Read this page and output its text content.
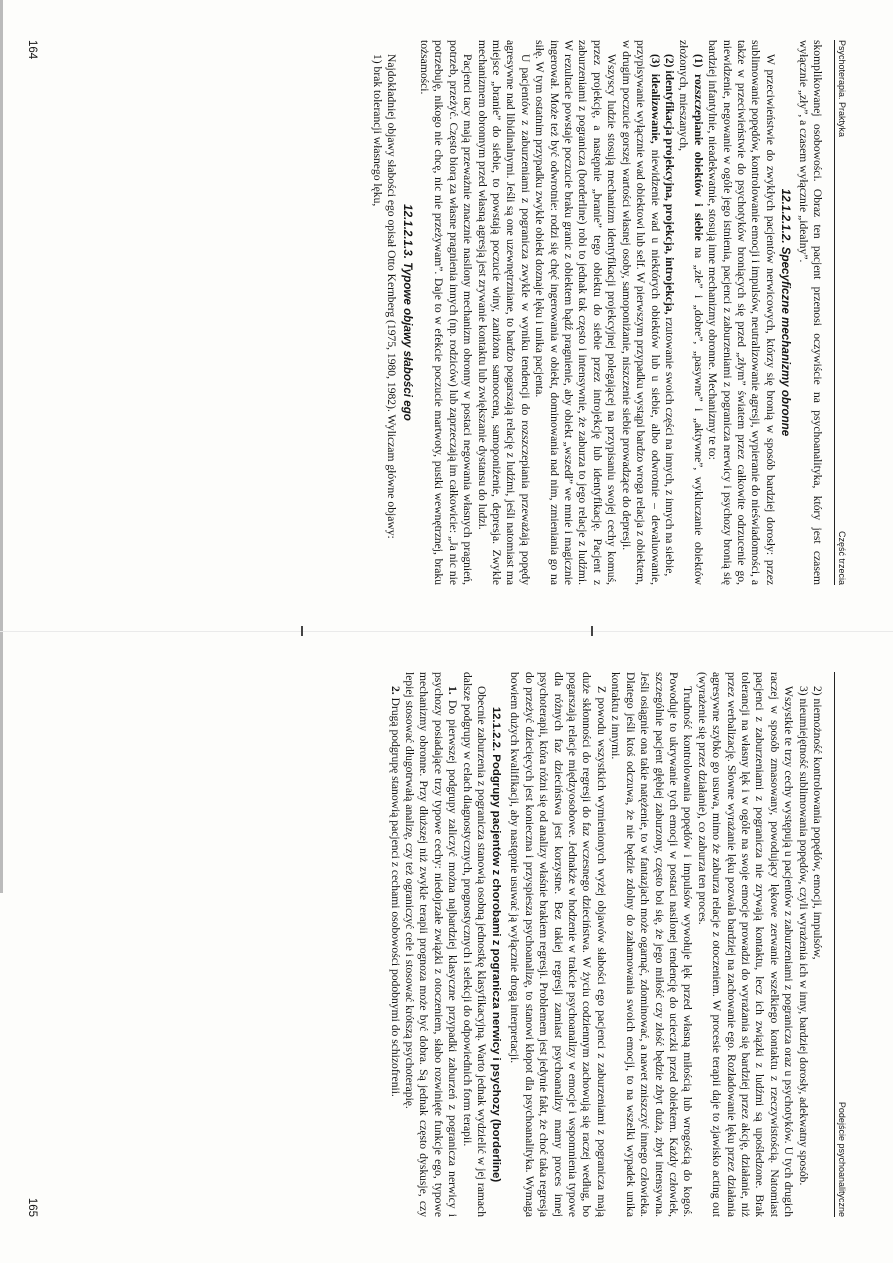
Psychoterapia. Praktyka
Część trzecia

skomplikowanej osobowości. Obraz ten pacjent przenosi oczywiście na psychoanalityka, który jest czasem wyłącznie „zły”, a czasem wyłącznie „idealny”.

12.1.2.1.2. Specyficzne mechanizmy obronne

W przeciwieństwie do zwykłych pacjentów nerwicowych, którzy się bronią w sposób bardziej dorosły: przez sublimowanie popędów, kontrolowanie emocji i impulsów, neutralizowanie agresji, wypieranie do nieświadomości, a także w przeciwieństwie do psychotyków broniących się przed „złym” światem przez całkowite odrzucenie go, niewidzenie, negowanie w ogóle jego istnienia, pacjenci z zaburzeniami z pogranicza nerwicy i psychozy bronią się bardziej infantylnie, nieadekwatnie, stosują inne mechanizmy obronne. Mechanizmy te to:

(1) rozszczepianie obiektów i siebie na „złe” i „dobre”, „pasywne” i „aktywne”, wykluczanie obiektów złożonych, mieszanych,

(2) identyfikacja projekcyjna, projekcja, introjekcja, rzutowanie swoich części na innych, z innych na siebie,

(3) idealizowanie, niewidzenie wad u niektórych obiektów lub u siebie, albo odwrotnie – dewaluowanie, przypisywanie wyłącznie wad obiektowi lub self. W pierwszym przypadku wystąpi bardzo wroga relacja z obiektem, w drugim poczucie gorszej wartości własnej osoby, samoponiżanie, niszczenie siebie prowadzące do depresji.

Wszyscy ludzie stosują mechanizm identyfikacji projekcyjnej polegającej na przypisaniu swojej cechy komuś, przez projekcję, a następnie „branie” tego obiektu do siebie przez introjekcję lub identyfikację. Pacjent z zaburzeniami z pogranicza (borderline) robi to jednak tak często i intensywnie, że zaburza to jego relacje z ludźmi. W rezultacie powstaje poczucie braku granic z obiektem bądź pragnienie, aby obiekt „wszedł” we mnie i magicznie ingerował. Może też być odwrotnie: rodzi się chęć ingerowania w obiekt, dominowania nad nim, zmieniania go na siłę. W tym ostatnim przypadku zwykle obiekt doznaje lęku i unika pacjenta.

U pacjentów z zaburzeniami z pogranicza zwykle w wyniku tendencji do rozszczepiania przeważają popędy agresywne nad libidinalnymi. Jeśli są one uzewnętrzniane, to bardzo pogarszają relację z ludźmi, jeśli natomiast ma miejsce „branie” do siebie, to powstają poczucie winy, zaniżona samoocena, samoponiżenie, depresja. Zwykle mechanizmem obronnym przed własną agresją jest zrywanie kontaktu lub zwiększanie dystansu do ludzi.

Pacjenci tacy mają przeważnie znacznie nasilony mechanizm obronny w postaci negowania własnych pragnień, potrzeb, przeżyć. Często biorą za własne pragnienia innych (np. rodziców) lub zaprzeczają im całkowicie: „Ja nic nie potrzebuję, nikogo nie chcę, nic nie przeżywam”. Daje to w efekcie poczucie martwoty, pustki wewnętrznej, braku tożsamości.

12.1.2.1.3. Typowe objawy słabości ego

Najdokładniej objawy słabości ego opisał Otto Kernberg (1975, 1980, 1982). Wyliczam główne objawy:

1) brak tolerancji własnego lęku,

164
Podejście psychoanalityczne

2) niemożność kontrolowania popędów, emocji, impulsów,

3) nieumiejętność sublimowania popędów, czyli wyrażenia ich w inny, bardziej dorosły, adekwatny sposób.

Wszystkie te trzy cechy występują u pacjentów z zaburzeniami z pogranicza oraz u psychotyków. U tych drugich raczej w sposób zmasowany, powodujący lękowe zerwanie wszelkiego kontaktu z rzeczywistością. Natomiast pacjenci z zaburzeniami z pogranicza nie zrywają kontaktu, lecz ich związki z ludźmi są upośledzone. Brak tolerancji na własny lęk i w ogóle na swoje emocje prowadzi do wyrażania się bardziej przez akcję, działanie, niż przez werbalizację. Słowne wyrażanie lęku pozwala bardziej na zachowanie ego. Rozładowanie lęku przez działania agresywne szybko go usuwa, mimo że zaburza relacje z otoczeniem. W procesie terapii daje to zjawisko acting out (wyrażenie się przez działanie), co zaburza ten proces.

Trudność kontrolowania popędów i impulsów wywołuje lęk przed własną miłością lub wrogością do kogoś. Powoduje to ukrywanie tych emocji w postaci nasilonej tendencję do ucieczki przed obiektem. Każdy człowiek, szczególnie pacjent głębiej zaburzony, często boi się, że jego miłość czy złość będzie zbyt duża, zbyt intensywna. Jeśli osiągnie ona takie natężenie, to w fantazjach może ogarnąć, zdominować, a nawet zniszczyć innego człowieka. Dlatego jeśli ktoś odczuwa, że nie będzie zdolny do zahamowania swoich emocji, to na wszelki wypadek unika kontaktu z innymi.

Z powodu wszystkich wymienionych wyżej objawów słabości ego pacjenci z zaburzeniami z pogranicza mają duże skłonności do regresji do faz wczesnego dzieciństwa. W życiu codziennym zachowują się raczej według, bo pogarszają relacje międzyosobowe. Jednakże w hodzenie w trakcie psychoanalizy w emocje i wspomnienia typowe dla różnych faz dzieciństwa jest korzystne. Bez takiej regresji zamiast psychoanalizy mamy proces innej psychoterapii, która różni się od analizy właśnie brakiem regresji. Problemem jest jedynie fakt, że choć taka regresja do przeżyć dziecięcych jest konieczna i przyspiesza psychoanalizę, to stanowi kłopot dla psychoanalityka. Wymaga bowiem dużych kwalifikacji, aby następnie usuwać ją wyłącznie drogą interpretacji.

12.1.2.2. Podgrupy pacjentów z chorobami z pogranicza nerwicy i psychozy (borderline)

Obecnie zaburzenia z pogranicza stanowią osobną jednostkę klasyfikacyjną. Warto jednak wydzielić w jej ramach dalsze podgrupy w celach diagnostycznych, prognostycznych i selekcji do odpowiednich form terapii.

1. Do pierwszej podgrupy zaliczyć można najbardziej klasyczne przypadki zaburzeń z pogranicza nerwicy i psychozy posiadające trzy typowe cechy: niedojrzałe związki z otoczeniem, słabo rozwinięte funkcje ego, typowe mechanizmy obronne. Przy dłuższej niż zwykle terapii prognoza może być dobra. Są jednak często dyskusje, czy lepiej stosować długotrwałą analizę, czy też ograniczyć cele i stosować krótszą psychoterapię.

2. Drugą podgrupę stanowią pacjenci z cechami osobowości podobnymi do schizofrenii.

165
